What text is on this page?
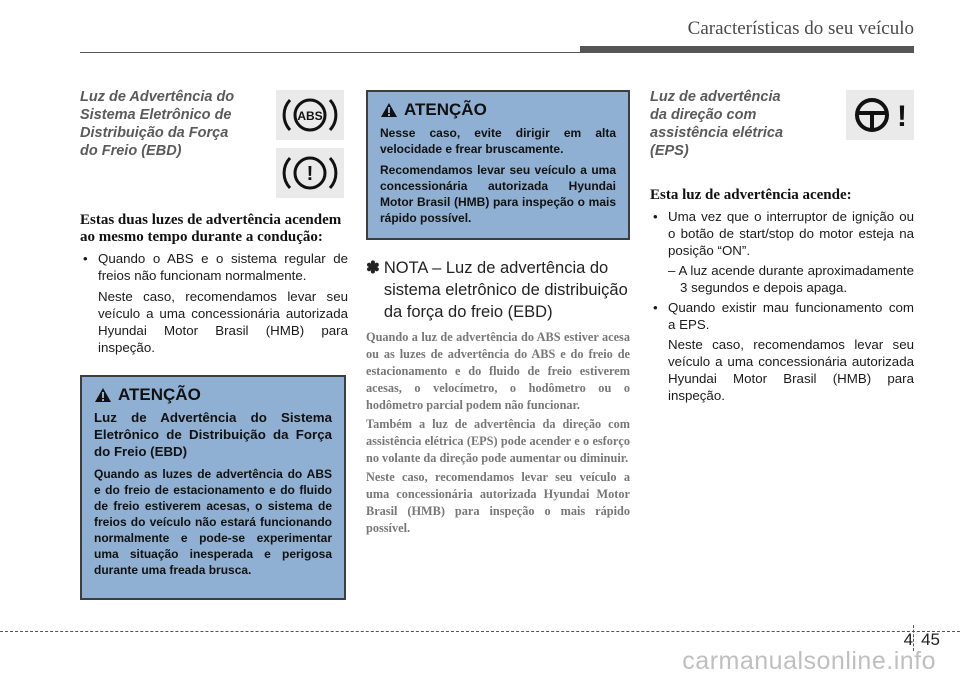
Características do seu veículo

Luz de Advertência do

Sistema Eletrônico de

Distribuição da Força

do Freio (EBD)

ABS
!

Estas duas luzes de advertência acendem ao mesmo tempo durante a condução:

• Quando o ABS e o sistema regular de freios não funcionam normalmente.

Neste caso, recomendamos levar seu veículo a uma concessionária autorizada Hyundai Motor Brasil (HMB) para inspeção.

ATENÇÃO

Luz de Advertência do Sistema Eletrônico de Distribuição da Força do Freio (EBD)

Quando as luzes de advertência do ABS e do freio de estacionamento e do fluido de freio estiverem acesas, o sistema de freios do veículo não estará funcionando normalmente e pode-se experimentar uma situação inesperada e perigosa durante uma freada brusca.

ATENÇÃO

Nesse caso, evite dirigir em alta velocidade e frear bruscamente.

Recomendamos levar seu veículo a uma concessionária autorizada Hyundai Motor Brasil (HMB) para inspeção o mais rápido possível.

✽ NOTA – Luz de advertência do sistema eletrônico de distribuição da força do freio (EBD)

Quando a luz de advertência do ABS estiver acesa ou as luzes de advertência do ABS e do freio de estacionamento e do fluido de freio estiverem acesas, o velocímetro, o hodômetro ou o hodômetro parcial podem não funcionar.

Também a luz de advertência da direção com assistência elétrica (EPS) pode acender e o esforço no volante da direção pode aumentar ou diminuir.

Neste caso, recomendamos levar seu veículo a uma concessionária autorizada Hyundai Motor Brasil (HMB) para inspeção o mais rápido possível.

Luz de advertência

da direção com

assistência elétrica

(EPS)

!

Esta luz de advertência acende:

• Uma vez que o interruptor de ignição ou o botão de start/stop do motor esteja na posição “ON”.

– A luz acende durante aproximadamente 3 segundos e depois apaga.

• Quando existir mau funcionamento com a EPS.

Neste caso, recomendamos levar seu veículo a uma concessionária autorizada Hyundai Motor Brasil (HMB) para inspeção.

4 45
carmanualsonline.info
